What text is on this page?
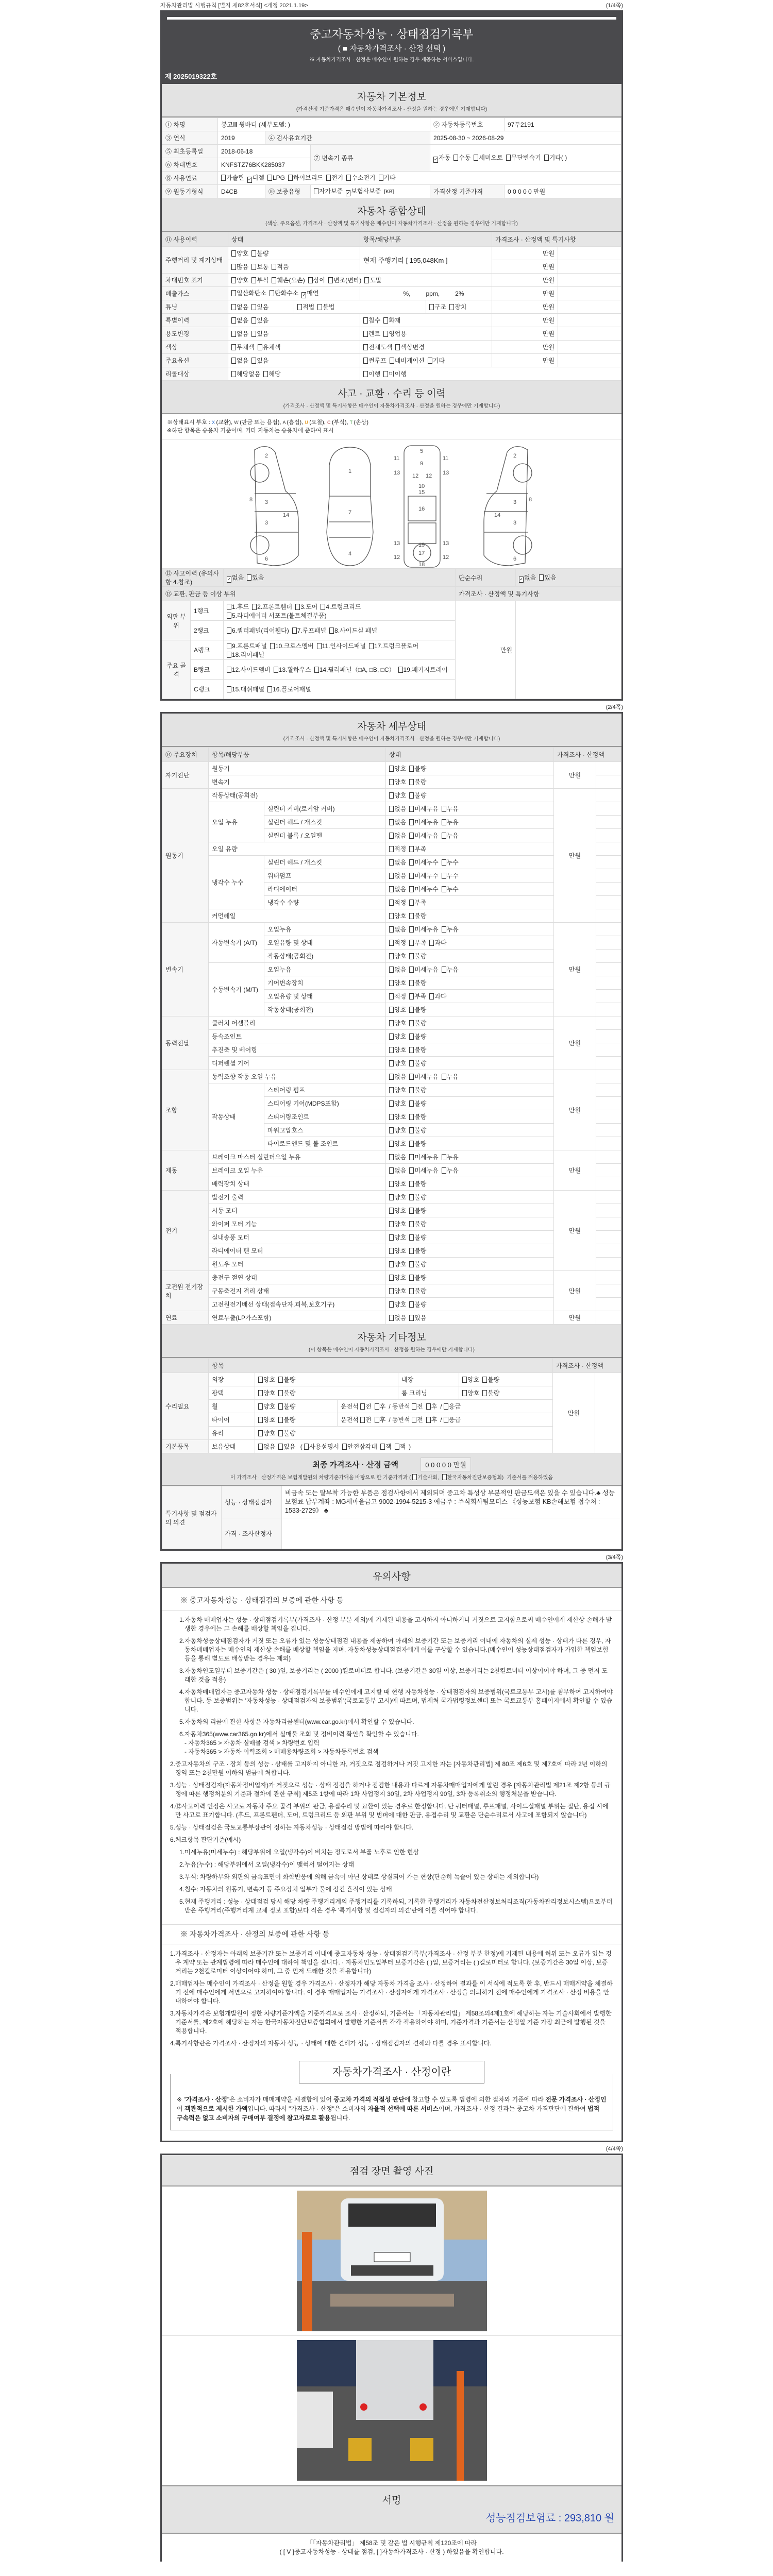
자동차관리법 시행규칙 [별지 제82호서식] <개정 2021.1.19>	(1/4쪽)
중고자동차성능 · 상태점검기록부
( ■ 자동차가격조사 · 산정 선택 )
※ 자동차가격조사 · 산정은 매수인이 원하는 경우 제공하는 서비스입니다.
제 2025019322호
자동차 기본정보
(가격산정 기준가격은 매수인이 자동차가격조사 · 산정을 원하는 경우에만 기재합니다)
① 차명	봉고Ⅲ 윙바디 (세부모델: )			② 자동차등록번호	97두2191
③ 연식	2019	④ 검사유효기간		2025-08-30 ~ 2026-08-29	
⑤ 최초등록일	2018-06-18		⑦ 변속기 종류	✓자동 수동 세미오토 무단변속기 기타( )	
⑥ 차대번호	KNFSTZ76BKK285037				
⑧ 사용연료	가솔린 ✓디젤 LPG 하이브리드 전기 수소전기 기타				
⑨ 원동기형식	D4CB	⑩ 보증유형	자가보증 ✓보험사보증 [KB]	가격산정 기준가격	0 0 0 0 0 만원
자동차 종합상태
(색상, 주요옵션, 가격조사 · 산정액 및 특기사항은 매수인이 자동차가격조사 · 산정을 원하는 경우에만 기재합니다)
⑪ 사용이력	상태		항목/해당부품		가격조사 · 산정액 및 특기사항	
주행거리 및 계기상태	양호 불량		현재 주행거리 [ 195,048Km ]		만원	
	많음 보통 적음				만원	
차대번호 표기	양호 부식 훼손(오손) 상이 변조(변타) 도말				만원	
배출가스	일산화탄소 탄화수소 ✓매연		%, ppm, 2%		만원	
튜닝	없음 있음	적법 불법		구조 장치	만원	
특별이력	없음 있음		침수 화재		만원	
용도변경	없음 있음		렌트 영업용		만원	
색상	무채색 유채색		전체도색 색상변경		만원	
주요옵션	없음 있음		썬루프 네비게이션 기타		만원	
리콜대상	해당없음 해당		이행 미이행			
사고 · 교환 · 수리 등 이력
(가격조사 · 산정액 및 특기사항은 매수인이 자동차가격조사 · 산정을 원하는 경우에만 기재합니다)
※상태표시 부호 : X (교환), W (판금 또는 용접), A (흠집), U (요철), C (부식), T (손상)
※하단 항목은 승용차 기준이며, 기타 자동차는 승용차에 준하여 표시
2
3
3
6
8
14
1
7
4
5
9
10
15
16
17
18
19
11	11
13	13
12 12
13	13
12	12
2
3
3
6
8
14
⑫ 사고이력 (유의사항 4.참조)		✓없음 있음	단순수리	✓없음 있음
⑬ 교환, 판금 등 이상 부위			가격조사 · 산정액 및 특기사항	
외판 부위	1랭크	1.후드 2.프론트휀더 3.도어 4.트렁크리드5.라디에이터 서포트(볼트체결부품)	만원	
	2랭크	6.쿼터패널(리어휀다) 7.루프패널 8.사이드실 패널		
주요 골격	A랭크	9.프론트패널 10.크로스멤버 11.인사이드패널 17.트렁크플로어18.리어패널		
	B랭크	12.사이드멤버 13.휠하우스 14.필러패널（□A, □B, □C） 19.패키지트레이		
	C랭크	15.대쉬패널 16.플로어패널		
(2/4쪽)
자동차 세부상태
(가격조사 · 산정액 및 특기사항은 매수인이 자동차가격조사 · 산정을 원하는 경우에만 기재합니다)
⑭ 주요장치	항목/해당부품		상태	가격조사 · 산정액	
자기진단	원동기		양호 불량	만원	
	변속기		양호 불량		
원동기	작동상태(공회전)		양호 불량	만원	
	오일 누유	실린더 커버(로커암 커버)	없음 미세누유 누유		
		실린더 헤드 / 개스킷	없음 미세누유 누유		
		실린더 블록 / 오일팬	없음 미세누유 누유		
	오일 유량		적정 부족		
	냉각수 누수	실린더 헤드 / 개스킷	없음 미세누수 누수		
		워터펌프	없음 미세누수 누수		
		라디에이터	없음 미세누수 누수		
		냉각수 수량	적정 부족		
	커먼레일		양호 불량		
변속기	자동변속기 (A/T)	오일누유	없음 미세누유 누유	만원	
		오일유량 및 상태	적정 부족 과다		
		작동상태(공회전)	양호 불량		
	수동변속기 (M/T)	오일누유	없음 미세누유 누유		
		기어변속장치	양호 불량		
		오일유량 및 상태	적정 부족 과다		
		작동상태(공회전)	양호 불량		
동력전달	클러치 어셈블리		양호 불량	만원	
	등속조인트		양호 불량		
	추진축 및 베어링		양호 불량		
	디퍼렌셜 기어		양호 불량		
조향	동력조향 작동 오일 누유		없음 미세누유 누유	만원	
	작동상태	스티어링 펌프	양호 불량		
		스티어링 기어(MDPS포함)	양호 불량		
		스티어링조인트	양호 불량		
		파워고압호스	양호 불량		
		타이로드엔드 및 볼 조인트	양호 불량		
제동	브레이크 마스터 실린더오일 누유		없음 미세누유 누유	만원	
	브레이크 오일 누유		없음 미세누유 누유		
	배력장치 상태		양호 불량		
전기	발전기 출력		양호 불량	만원	
	시동 모터		양호 불량		
	와이퍼 모터 기능		양호 불량		
	실내송풍 모터		양호 불량		
	라디에이터 팬 모터		양호 불량		
	윈도우 모터		양호 불량		
고전원 전기장치	충전구 절연 상태		양호 불량	만원	
	구동축전지 격리 상태		양호 불량		
	고전원전기배선 상태(접속단자,피복,보호기구)		양호 불량		
연료	연료누출(LP가스포함)		없음 있음	만원	
자동차 기타정보
(이 항목은 매수인이 자동차가격조사 · 산정을 원하는 경우에만 기재합니다)
	항목					가격조사 · 산정액	
수리필요	외장	양호 불량		내장	양호 불량	만원	
	광택	양호 불량		룸 크리닝	양호 불량		
	휠	양호 불량	운전석 전 후 / 동반석 전 후 / 응급				
	타이어	양호 불량	운전석 전 후 / 동반석 전 후 / 응급				
	유리	양호 불량					
기본품목	보유상태	없음 있음 ( 사용설명서 안전삼각대 잭 잭 )					
최종 가격조사 · 산정 금액	0 0 0 0 0 만원
이 가격조사 · 산정가격은 보험개발원의 차량기준가액을 바탕으로 한 기준가격과 ( 기술사회, 한국자동차진단보증협회) 기준서를 적용하였음
특기사항 및 점검자의 의견	성능 · 상태점검자	비금속 또는 탈부착 가능한 부품은 점검사항에서 제외되며 중고차 특성상 부분적인 판금도색은 있을 수 있습니다.♣ 성능보험료 납부계좌 : MG새마을금고 9002-1994-5215-3 예금주 : 주식회사팀모터스 《성능보험 KB손해보험 접수처 : 1533-2729》 ♣
	가격 · 조사산정자	
(3/4쪽)
유의사항
※ 중고자동차성능 · 상태점검의 보증에 관한 사항 등
1. 자동차 매매업자는 성능 · 상태점검기록부(가격조사 · 산정 부분 제외)에 기재된 내용을 고지하지 아니하거나 거짓으로 고지함으로써 매수인에게 재산상 손해가 발생한 경우에는 그 손해를 배상할 책임을 집니다.
2. 자동차성능상태점검자가 거짓 또는 오류가 있는 성능상태점검 내용을 제공하여 아래의 보증기간 또는 보증거리 이내에 자동차의 실제 성능 · 상태가 다른 경우, 자동차매매업자는 매수인의 재산상 손해를 배상할 책임을 지며, 자동차성능상태점검자에게 이를 구상할 수 있습니다.(매수인이 성능상태점검자가 가입한 책임보험 등을 통해 별도로 배상받는 경우는 제외)
3. 자동차인도일부터 보증기간은 ( 30 )일, 보증거리는 ( 2000 )킬로미터로 합니다. (보증기간은 30일 이상, 보증거리는 2천킬로미터 이상이어야 하며, 그 중 먼저 도래한 것을 적용)
4. 자동차매매업자는 중고자동차 성능 · 상태점검기록부를 매수인에게 고지할 때 현행 자동차성능 · 상태점검자의 보증범위(국토교통부 고시)를 첨부하여 고지하여야 합니다. 동 보증범위는 '자동차성능 · 상태점검자의 보증범위'(국토교통부 고시)에 따르며, 법제처 국가법령정보센터 또는 국토교통부 홈페이지에서 확인할 수 있습니다.
5. 자동차의 리콜에 관한 사항은 자동차리콜센터(www.car.go.kr)에서 확인할 수 있습니다.
6. 자동차365(www.car365.go.kr)에서 실매물 조회 및 정비이력 확인을 확인할 수 있습니다.
- 자동차365 > 자동차 실매물 검색 > 차량번호 입력
- 자동차365 > 자동차 이력조회 > 매매용차량조회 > 자동차등록번호 검색
2. 중고자동차의 구조 · 장치 등의 성능 · 상태를 고지하지 아니한 자, 거짓으로 점검하거나 거짓 고지한 자는 [자동차관리법] 제 80조 제6호 및 제7호에 따라 2년 이하의 징역 또는 2천만원 이하의 벌금에 처합니다.
3. 성능 · 상태점검자(자동차정비업자)가 거짓으로 성능 · 상태 점검을 하거나 점검한 내용과 다르게 자동차매매업자에게 알린 경우 [자동차관리법 제21조 제2항 등의 규정에 따른 행정처분의 기준과 절차에 관한 규칙] 제5조 1항에 따라 1차 사업정지 30일, 2차 사업정지 90일, 3차 등록취소의 행정처분을 받습니다.
4. ⑫사고이력 인정은 사고로 자동차 주요 골격 부위의 판금, 용접수리 및 교환이 있는 경우로 한정합니다. 단 쿼터패널, 루프패널, 사이드실패널 부위는 절단, 용접 시에만 사고로 표기합니다. (후드, 프론트펜더, 도어, 트렁크리드 등 외판 부위 및 범퍼에 대한 판금, 용접수리 및 교환은 단순수리로서 사고에 포함되지 않습니다)
5. 성능 · 상태점검은 국토교통부장관이 정하는 자동차성능 · 상태점검 방법에 따라야 합니다.
6. 체크항목 판단기준(예시)
1. 미세누유(미세누수) : 해당부위에 오일(냉각수)이 비치는 정도로서 부품 노후로 인한 현상
2. 누유(누수) : 해당부위에서 오일(냉각수)이 맺혀서 떨어지는 상태
3. 부식: 차량하부와 외판의 금속표면이 화학반응에 의해 금속이 아닌 상태로 상실되어 가는 현상(단순히 녹슬어 있는 상태는 제외합니다)
4. 침수: 자동차의 원동기, 변속기 등 주요장치 일부가 물에 잠긴 흔적이 있는 상태
5. 현재 주행거리 : 성능 · 상태점검 당시 해당 차량 주행거리계의 주행거리를 기록하되, 기록한 주행거리가 자동차전산정보처리조직(자동차관리정보시스템)으로부터 받은 주행거리(주행거리계 교체 정보 포함)보다 적은 경우 '특기사항 및 점검자의 의견'란에 이를 적어야 합니다.
※ 자동차가격조사 · 산정의 보증에 관한 사항 등
1. 가격조사 · 산정자는 아래의 보증기간 또는 보증거리 이내에 중고자동차 성능 · 상태점검기록부(가격조사 · 산정 부분 한정)에 기재된 내용에 허위 또는 오류가 있는 경우 계약 또는 관계법령에 따라 매수인에 대하여 책임을 집니다. · 자동차인도일부터 보증기간은 ( )일, 보증거리는 ( )킬로미터로 합니다. (보증기간은 30일 이상, 보증거리는 2천킬로미터 이상이어야 하며, 그 중 먼저 도래한 것을 적용합니다)
2. 매매업자는 매수인이 가격조사 · 산정을 원할 경우 가격조사 · 산정자가 해당 자동차 가격을 조사 · 산정하여 결과를 이 서식에 적도록 한 후, 반드시 매매계약을 체결하기 전에 매수인에게 서면으로 고지하여야 합니다. 이 경우 매매업자는 가격조사 · 산정자에게 가격조사 · 산정을 의뢰하기 전에 매수인에게 가격조사 · 산정 비용을 안내하여야 합니다.
3. 자동차가격은 보험개발원이 정한 차량기준가액을 기준가격으로 조사 · 산정하되, 기준서는 「자동차관리법」 제58조의4제1호에 해당하는 자는 기술사회에서 발행한 기준서를, 제2호에 해당하는 자는 한국자동차진단보증협회에서 발행한 기준서를 각각 적용하여야 하며, 기준가격과 기준서는 산정일 기준 가장 최근에 발행된 것을 적용합니다.
4. 특기사항란은 가격조사 · 산정자의 자동차 성능 · 상태에 대한 견해가 성능 · 상태점검자의 견해와 다를 경우 표시합니다.
자동차가격조사 · 산정이란
※ "가격조사 · 산정"은 소비자가 매매계약을 체결함에 있어 중고차 가격의 적절성 판단에 참고할 수 있도록 법령에 의한 절차와 기준에 따라 전문 가격조사 · 산정인이 객관적으로 제시한 가액입니다. 따라서 "가격조사 · 산정"은 소비자의 자율적 선택에 따른 서비스이며, 가격조사 · 산정 결과는 중고차 가격판단에 관하여 법적 구속력은 없고 소비자의 구매여부 결정에 참고자료로 활용됩니다.
(4/4쪽)
점검 장면 촬영 사진
서명
성능점검보험료 : 293,810 원
「「자동차관리법」 제58조 및 같은 법 시행규칙 제120조에 따라
( [ V ]중고자동차성능 · 상태를 점검, [ ]자동차가격조사 · 산정 ) 하였음을 확인합니다.
